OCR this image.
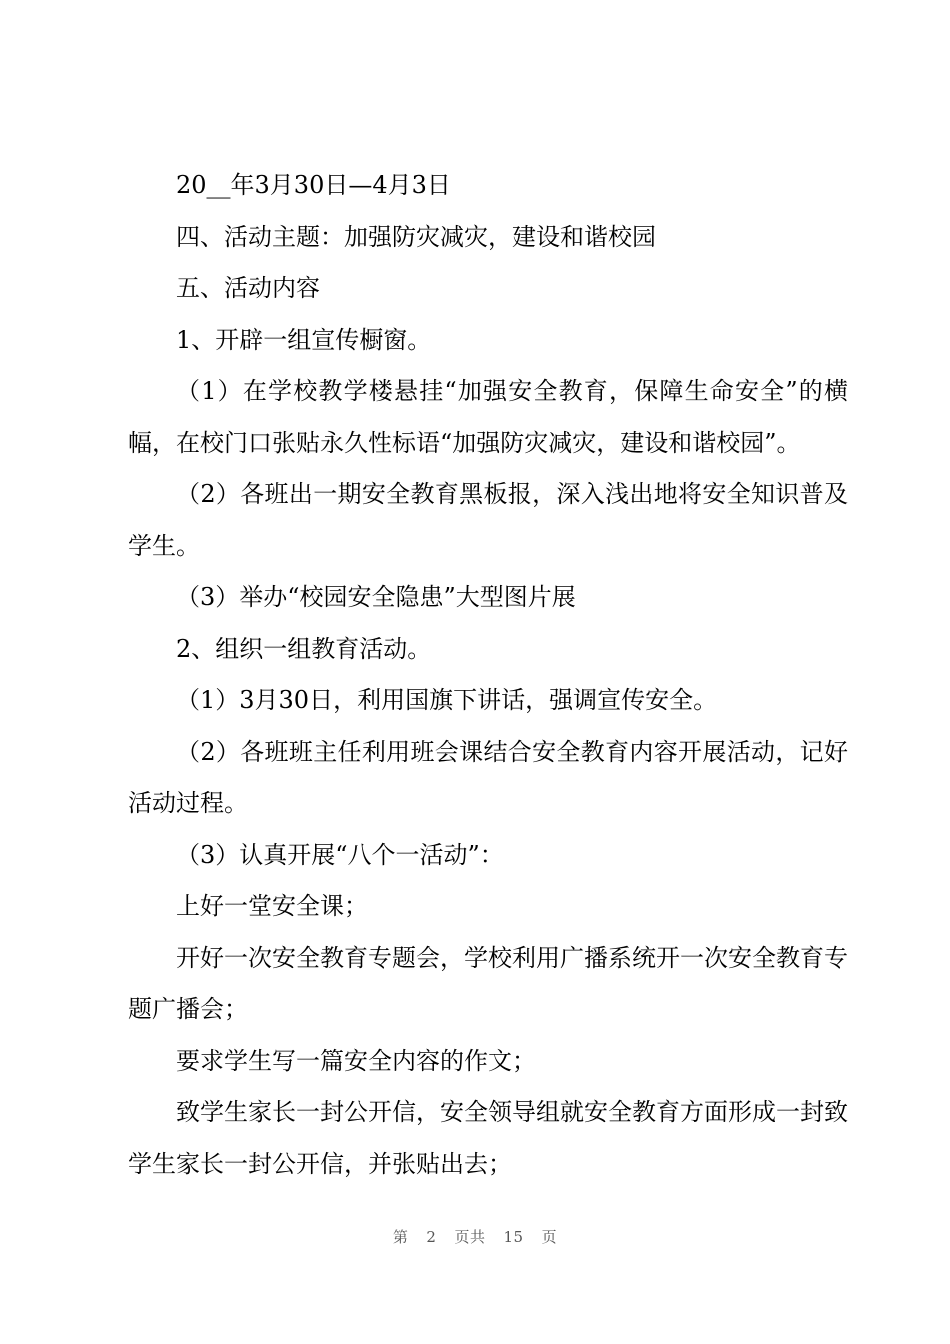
20__年3月30日—4月3日

四、活动主题：加强防灾减灾，建设和谐校园

五、活动内容

1、开辟一组宣传橱窗。

（1）在学校教学楼悬挂“加强安全教育，保障生命安全”的横幅，在校门口张贴永久性标语“加强防灾减灾，建设和谐校园”。

（2）各班出一期安全教育黑板报，深入浅出地将安全知识普及学生。

（3）举办“校园安全隐患”大型图片展

2、组织一组教育活动。

（1）3月30日，利用国旗下讲话，强调宣传安全。

（2）各班班主任利用班会课结合安全教育内容开展活动，记好活动过程。

（3）认真开展“八个一活动”：

上好一堂安全课；

开好一次安全教育专题会，学校利用广播系统开一次安全教育专题广播会；

要求学生写一篇安全内容的作文；

致学生家长一封公开信，安全领导组就安全教育方面形成一封致学生家长一封公开信，并张贴出去；

第 2 页共 15 页
